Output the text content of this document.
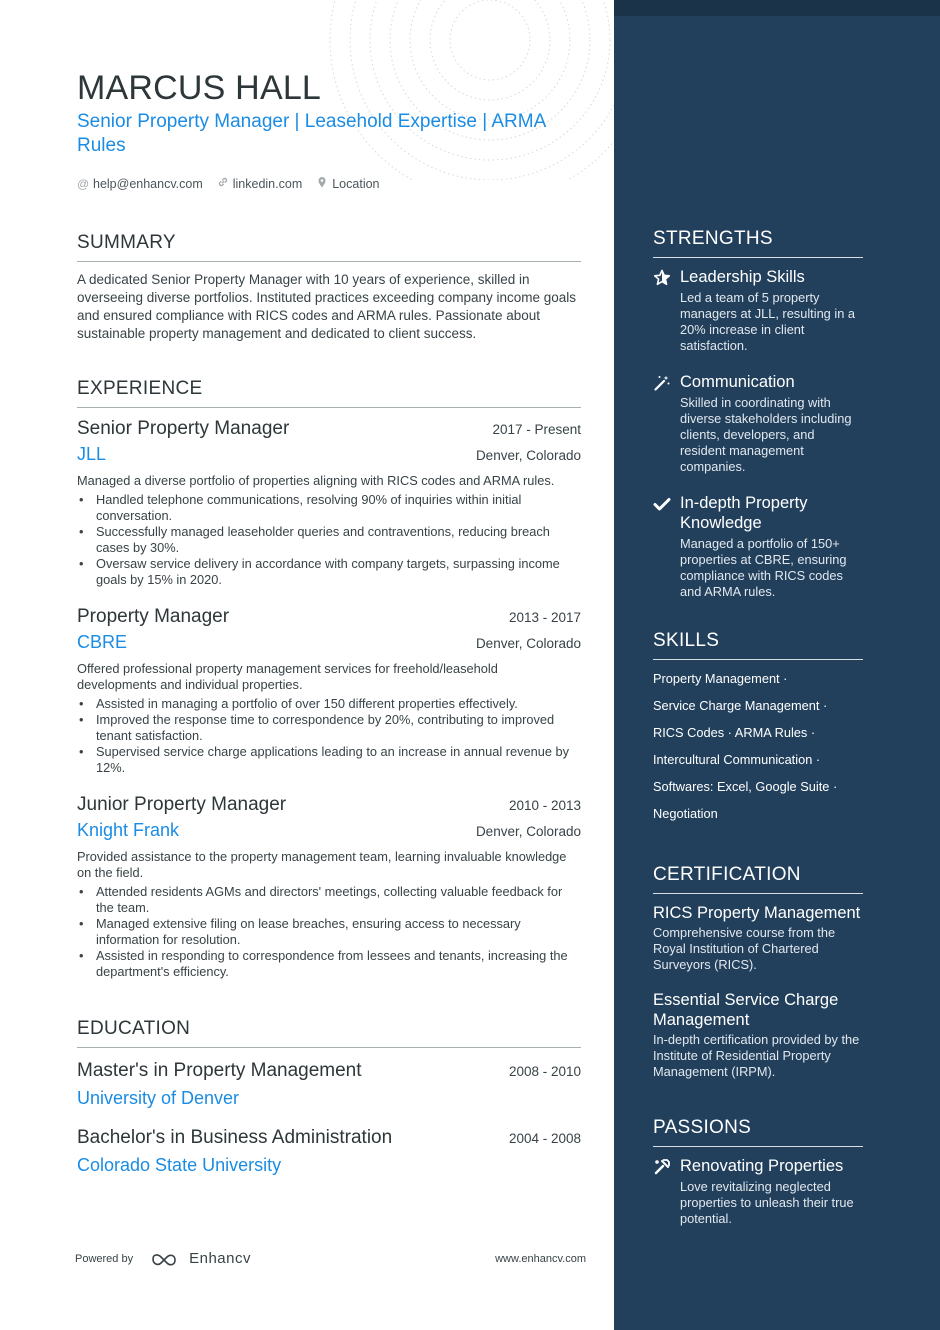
MARCUS HALL
Senior Property Manager | Leasehold Expertise | ARMA Rules
@ help@enhancv.com linkedin.com Location
SUMMARY

A dedicated Senior Property Manager with 10 years of experience, skilled in overseeing diverse portfolios. Instituted practices exceeding company income goals and ensured compliance with RICS codes and ARMA rules. Passionate about sustainable property management and dedicated to client success.

EXPERIENCE
Senior Property Manager	2017 - Present
JLL	Denver, Colorado

Managed a diverse portfolio of properties aligning with RICS codes and ARMA rules.

• Handled telephone communications, resolving 90% of inquiries within initial conversation.
• Successfully managed leaseholder queries and contraventions, reducing breach cases by 30%.
• Oversaw service delivery in accordance with company targets, surpassing income goals by 15% in 2020.
Property Manager	2013 - 2017
CBRE	Denver, Colorado

Offered professional property management services for freehold/leasehold developments and individual properties.

• Assisted in managing a portfolio of over 150 different properties effectively.
• Improved the response time to correspondence by 20%, contributing to improved tenant satisfaction.
• Supervised service charge applications leading to an increase in annual revenue by 12%.
Junior Property Manager	2010 - 2013
Knight Frank	Denver, Colorado

Provided assistance to the property management team, learning invaluable knowledge on the field.

• Attended residents AGMs and directors' meetings, collecting valuable feedback for the team.
• Managed extensive filing on lease breaches, ensuring access to necessary information for resolution.
• Assisted in responding to correspondence from lessees and tenants, increasing the department's efficiency.
EDUCATION
Master's in Property Management	2008 - 2010
University of Denver
Bachelor's in Business Administration	2004 - 2008
Colorado State University
Powered by	Enhancv	www.enhancv.com
STRENGTHS
Leadership Skills
Led a team of 5 property managers at JLL, resulting in a 20% increase in client satisfaction.
Communication
Skilled in coordinating with diverse stakeholders including clients, developers, and resident management companies.
In-depth Property Knowledge
Managed a portfolio of 150+ properties at CBRE, ensuring compliance with RICS codes and ARMA rules.
SKILLS
Property Management ·
Service Charge Management ·
RICS Codes · ARMA Rules ·
Intercultural Communication ·
Softwares: Excel, Google Suite ·
Negotiation
CERTIFICATION
RICS Property Management
Comprehensive course from the Royal Institution of Chartered Surveyors (RICS).
Essential Service Charge Management
In-depth certification provided by the Institute of Residential Property Management (IRPM).
PASSIONS
Renovating Properties
Love revitalizing neglected properties to unleash their true potential.
